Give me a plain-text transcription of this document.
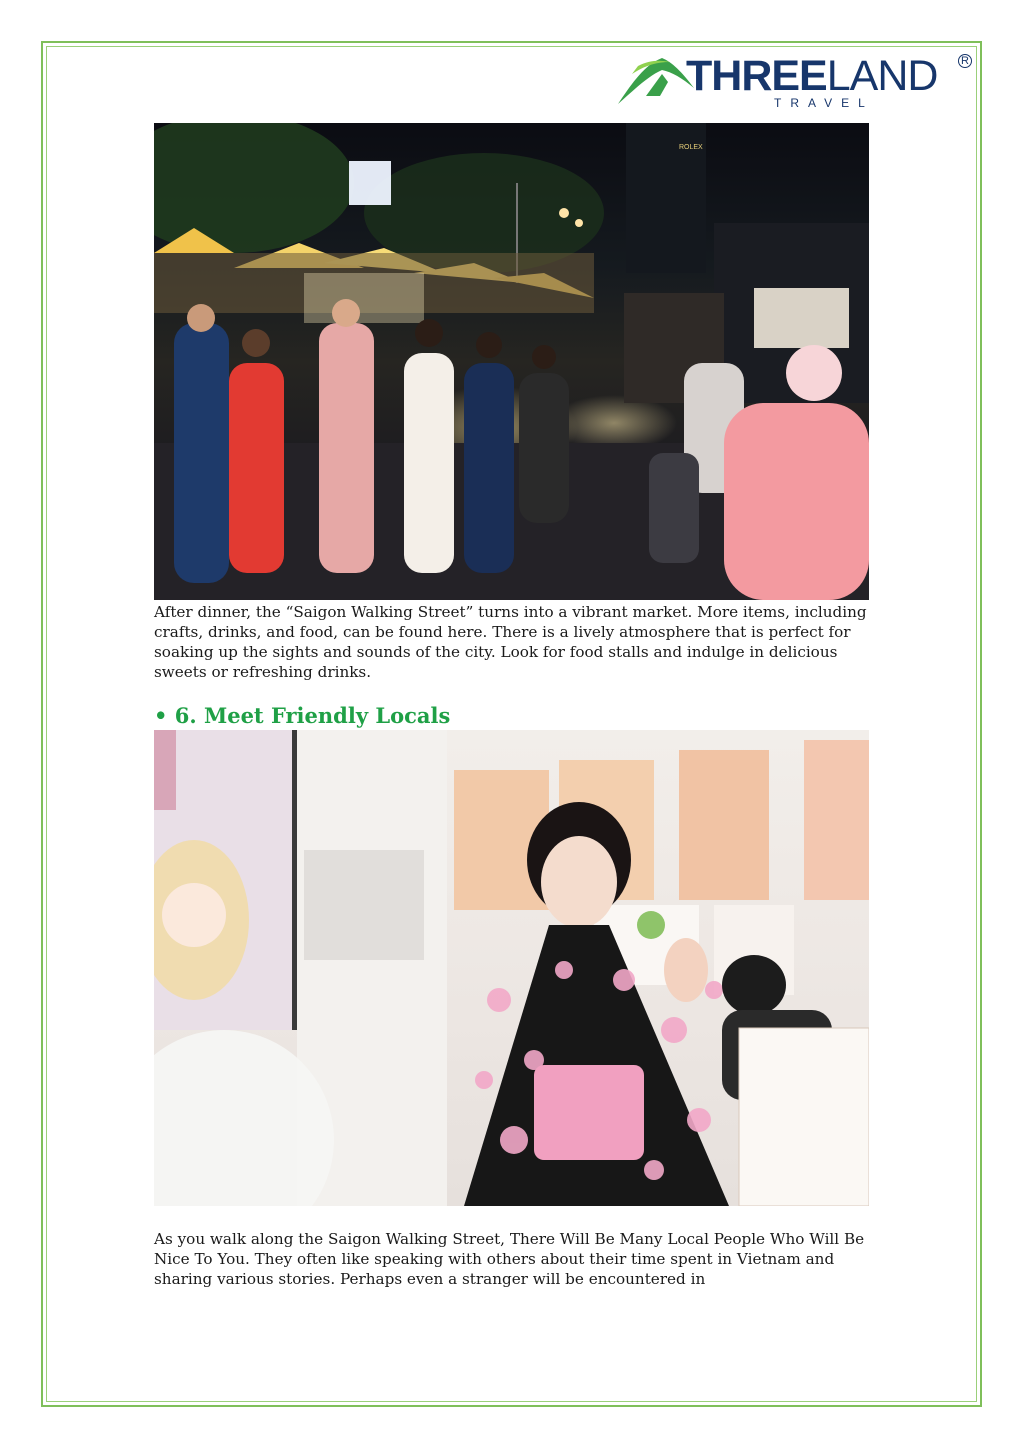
THREELAND R
TRAVEL
ROLEX

After dinner, the “Saigon Walking Street” turns into a vibrant market. More items, including crafts, drinks, and food, can be found here. There is a lively atmosphere that is perfect for soaking up the sights and sounds of the city. Look for food stalls and indulge in delicious sweets or refreshing drinks.

• 6. Meet Friendly Locals

As you walk along the Saigon Walking Street, There Will Be Many Local People Who Will Be Nice To You. They often like speaking with others about their time spent in Vietnam and sharing various stories. Perhaps even a stranger will be encountered in
